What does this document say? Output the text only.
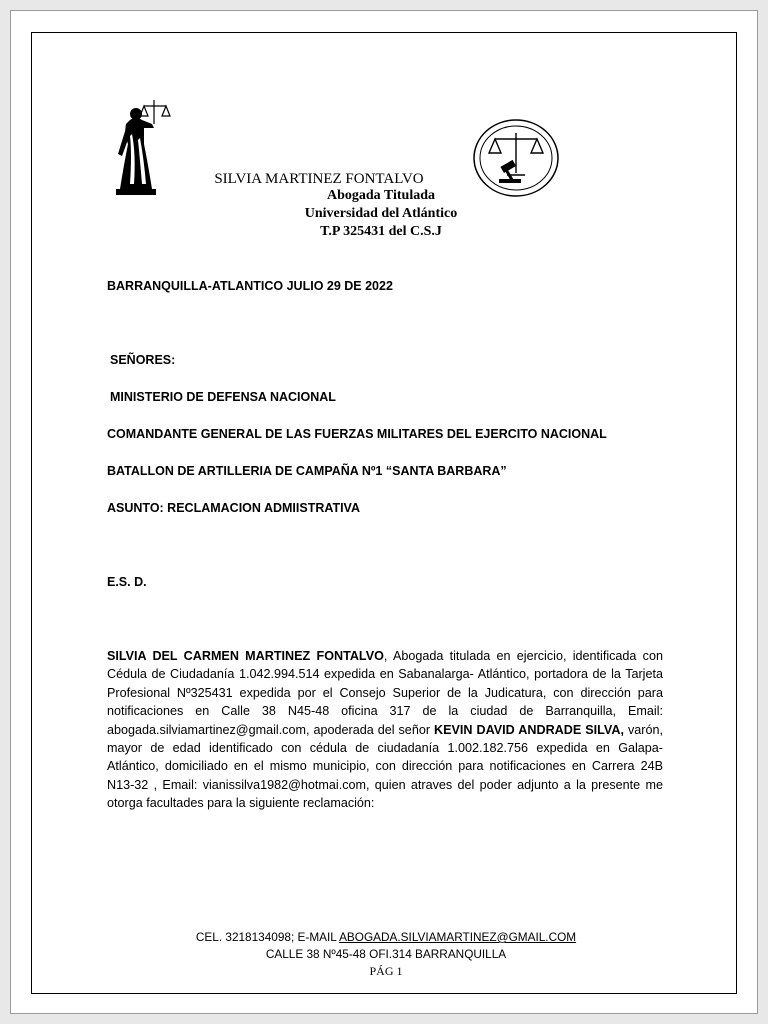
SILVIA MARTINEZ FONTALVO
Abogada Titulada
Universidad del Atlántico
T.P 325431 del C.S.J
BARRANQUILLA-ATLANTICO JULIO 29 DE 2022
SEÑORES:
MINISTERIO DE DEFENSA NACIONAL
COMANDANTE GENERAL DE LAS FUERZAS MILITARES DEL EJERCITO NACIONAL
BATALLON DE ARTILLERIA DE CAMPAÑA Nº1 “SANTA BARBARA”
ASUNTO: RECLAMACION ADMIISTRATIVA
E.S. D.
SILVIA DEL CARMEN MARTINEZ FONTALVO, Abogada titulada en ejercicio, identificada con Cédula de Ciudadanía 1.042.994.514 expedida en Sabanalarga- Atlántico, portadora de la Tarjeta Profesional Nº325431 expedida por el Consejo Superior de la Judicatura, con dirección para notificaciones en Calle 38 N45-48 oficina 317 de la ciudad de Barranquilla, Email: abogada.silviamartinez@gmail.com, apoderada del señor KEVIN DAVID ANDRADE SILVA, varón, mayor de edad identificado con cédula de ciudadanía 1.002.182.756 expedida en Galapa- Atlántico, domiciliado en el mismo municipio, con dirección para notificaciones en Carrera 24B N13-32 , Email: vianissilva1982@hotmai.com, quien atraves del poder adjunto a la presente me otorga facultades para la siguiente reclamación:
CEL. 3218134098; E-MAIL ABOGADA.SILVIAMARTINEZ@GMAIL.COM
CALLE 38 Nº45-48 OFI.314 BARRANQUILLA
PÁG 1
